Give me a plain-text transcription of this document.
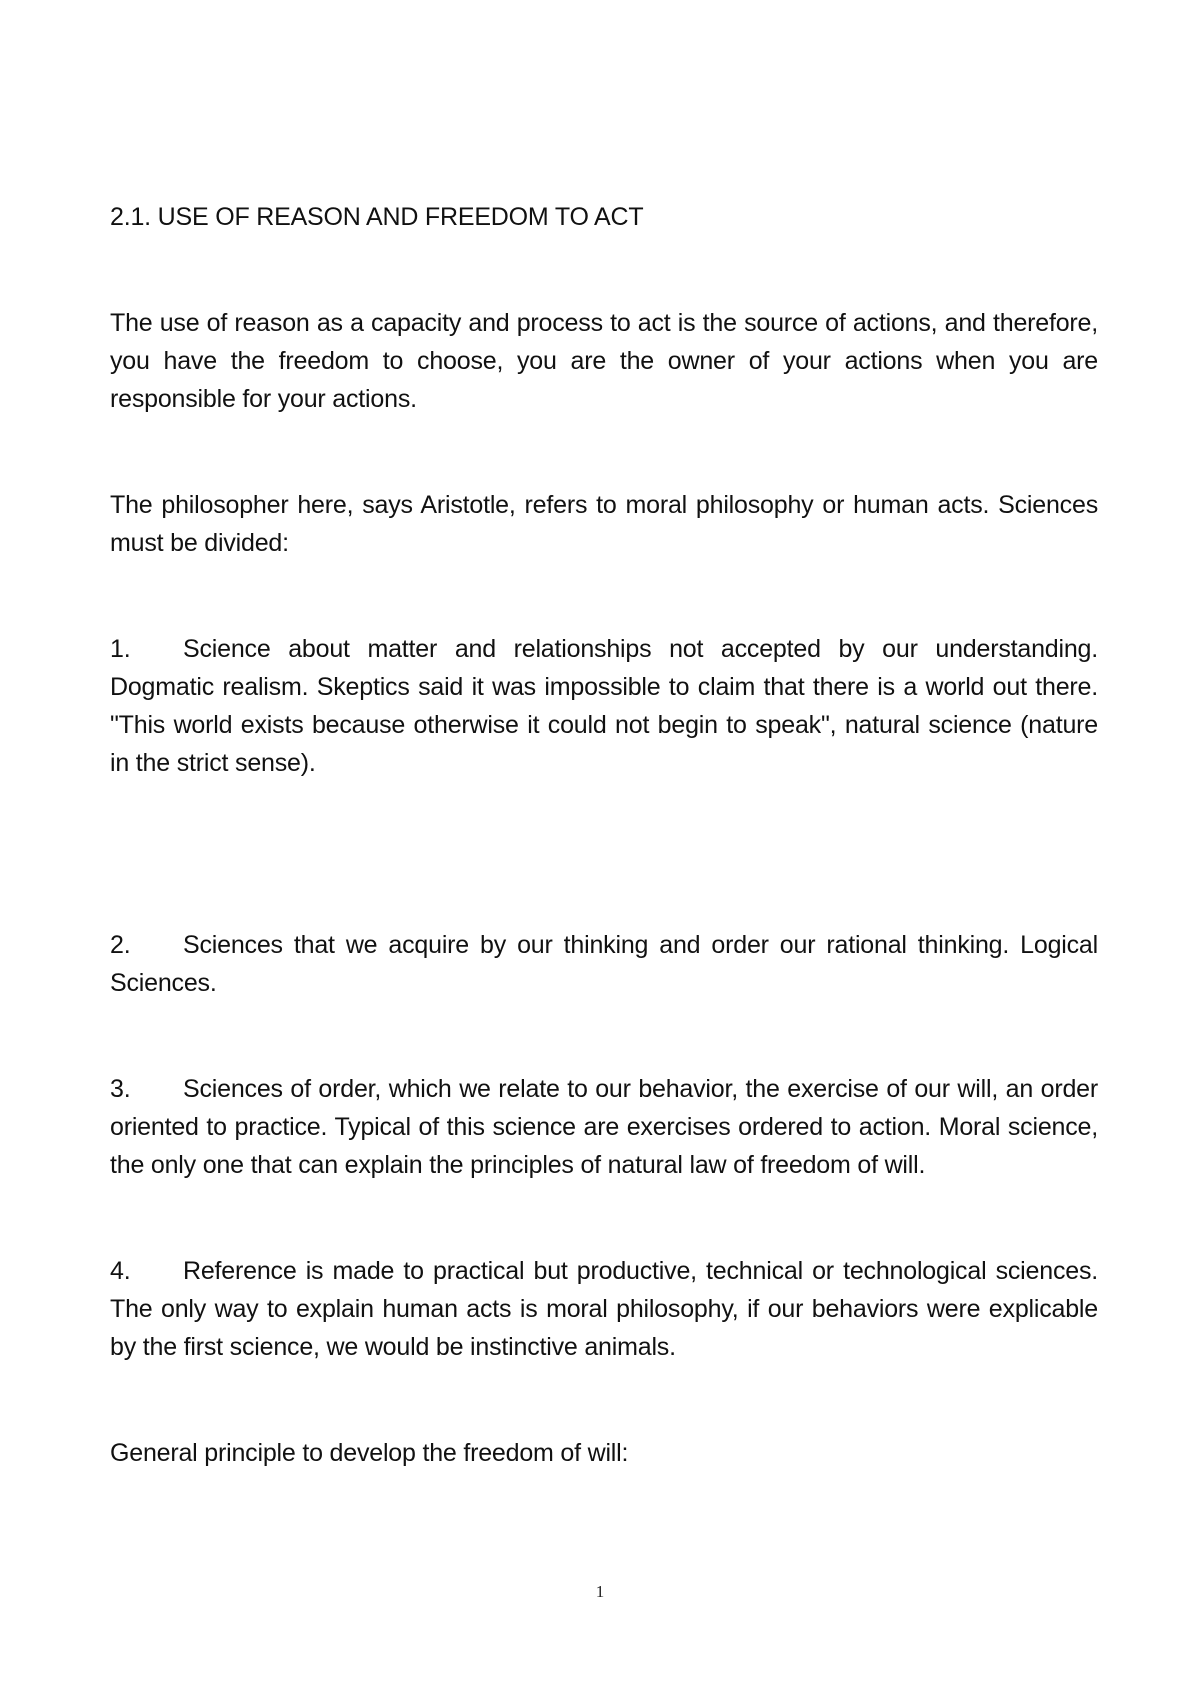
2.1. USE OF REASON AND FREEDOM TO ACT

The use of reason as a capacity and process to act is the source of actions, and therefore, you have the freedom to choose, you are the owner of your actions when you are responsible for your actions.

The philosopher here, says Aristotle, refers to moral philosophy or human acts. Sciences must be divided:

1. Science about matter and relationships not accepted by our understanding. Dogmatic realism. Skeptics said it was impossible to claim that there is a world out there. "This world exists because otherwise it could not begin to speak", natural science (nature in the strict sense).

2. Sciences that we acquire by our thinking and order our rational thinking. Logical Sciences.

3. Sciences of order, which we relate to our behavior, the exercise of our will, an order oriented to practice. Typical of this science are exercises ordered to action. Moral science, the only one that can explain the principles of natural law of freedom of will.

4. Reference is made to practical but productive, technical or technological sciences. The only way to explain human acts is moral philosophy, if our behaviors were explicable by the first science, we would be instinctive animals.

General principle to develop the freedom of will:

1
